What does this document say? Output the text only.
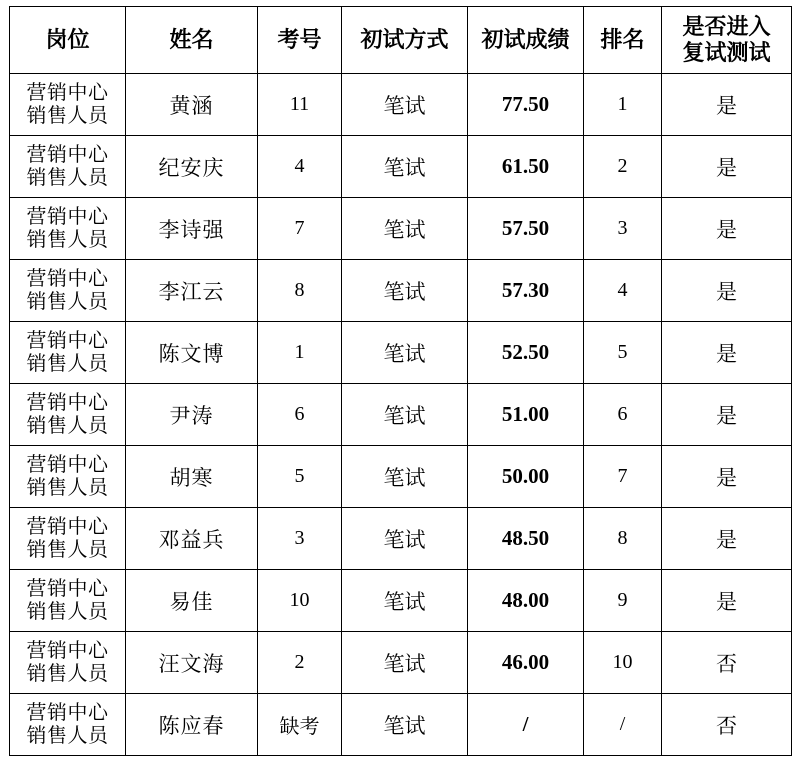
岗位	姓名	考号	初试方式	初试成绩	排名	是否进入
复试测试

营销中心
销售人员	黄涵	11	笔试	77.50	1	是

营销中心
销售人员	纪安庆	4	笔试	61.50	2	是

营销中心
销售人员	李诗强	7	笔试	57.50	3	是

营销中心
销售人员	李江云	8	笔试	57.30	4	是

营销中心
销售人员	陈文博	1	笔试	52.50	5	是

营销中心
销售人员	尹涛	6	笔试	51.00	6	是

营销中心
销售人员	胡寒	5	笔试	50.00	7	是

营销中心
销售人员	邓益兵	3	笔试	48.50	8	是

营销中心
销售人员	易佳	10	笔试	48.00	9	是

营销中心
销售人员	汪文海	2	笔试	46.00	10	否

营销中心
销售人员	陈应春	缺考	笔试	/	/	否
